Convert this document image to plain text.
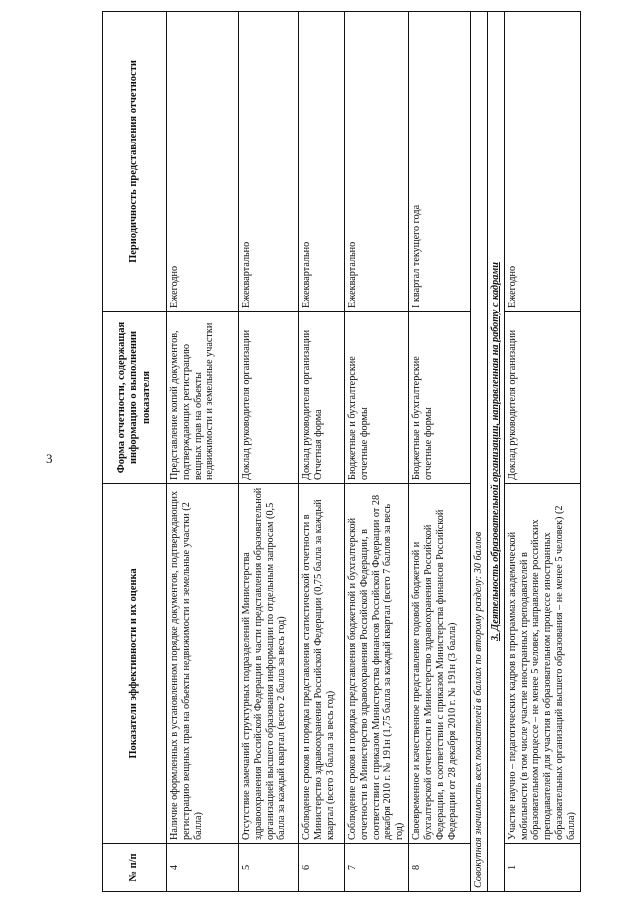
3
№ п/п	Показатели эффективности и их оценка	Форма отчетности, содержащая информацию о выполнении показателя	Периодичность представления отчетности
4	Наличие оформленных в установленном порядке документов, подтверждающих регистрацию вещных прав на объекты недвижимости и земельные участки (2 балла)	Представление копий документов, подтверждающих регистрацию вещных прав на объекты недвижимости и земельные участки	Ежегодно
5	Отсутствие замечаний структурных подразделений Министерства здравоохранения Российской Федерации в части представления образовательной организацией высшего образования информации по отдельным запросам (0,5 балла за каждый квартал (всего 2 балла за весь год)	Доклад руководителя организации	Ежеквартально
6	Соблюдение сроков и порядка представления статистической отчетности в Министерство здравоохранения Российской Федерации (0,75 балла за каждый квартал (всего 3 балла за весь год)	Доклад руководителя организации Отчетная форма	Ежеквартально
7	Соблюдение сроков и порядка представления бюджетной и бухгалтерской отчетности в Министерство здравоохранения Российской Федерации, в соответствии с приказом Министерства финансов Российской Федерации от 28 декабря 2010 г. № 191н (1,75 балла за каждый квартал (всего 7 баллов за весь год)	Бюджетные и бухгалтерские отчетные формы	Ежеквартально
8	Своевременное и качественное представление годовой бюджетной и бухгалтерской отчетности в Министерство здравоохранения Российской Федерации, в соответствии с приказом Министерства финансов Российской Федерации от 28 декабря 2010 г. № 191н (3 балла)	Бюджетные и бухгалтерские отчетные формы	I квартал текущего года
Совокупная значимость всех показателей в баллах по второму разделу: 30 баллов			
3. Деятельность образовательной организации, направленная на работу с кадрами			
1	Участие научно – педагогических кадров в программах академической мобильности (в том числе участие иностранных преподавателей в образовательном процессе – не менее 5 человек, направление российских преподавателей для участия в образовательном процессе иностранных образовательных организаций высшего образования – не менее 5 человек) (2 балла)	Доклад руководителя организации	Ежегодно
